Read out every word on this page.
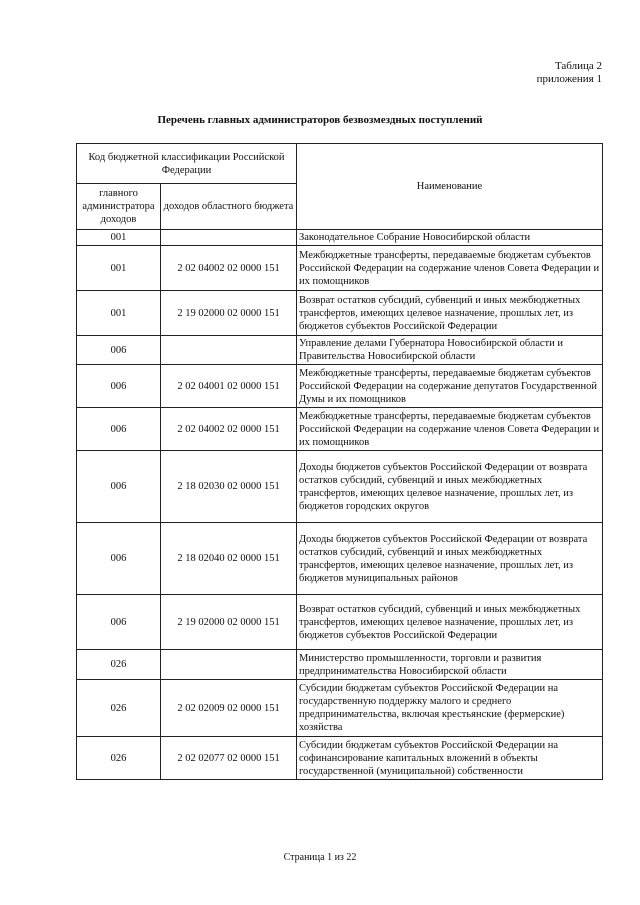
Таблица 2
приложения 1
Перечень главных администраторов безвозмездных поступлений
Код бюджетной классификации Российской Федерации		Наименование
главного администратора доходов	доходов областного бюджета	
001		Законодательное Собрание Новосибирской области
001	2 02 04002 02 0000 151	Межбюджетные трансферты, передаваемые бюджетам субъектов Российской Федерации на содержание членов Совета Федерации и их помощников
001	2 19 02000 02 0000 151	Возврат остатков субсидий, субвенций и иных межбюджетных трансфертов, имеющих целевое назначение, прошлых лет, из бюджетов субъектов Российской Федерации
006		Управление делами Губернатора Новосибирской области и Правительства Новосибирской области
006	2 02 04001 02 0000 151	Межбюджетные трансферты, передаваемые бюджетам субъектов Российской Федерации на содержание депутатов Государственной Думы и их помощников
006	2 02 04002 02 0000 151	Межбюджетные трансферты, передаваемые бюджетам субъектов Российской Федерации на содержание членов Совета Федерации и их помощников
006	2 18 02030 02 0000 151	Доходы бюджетов субъектов Российской Федерации от возврата остатков субсидий, субвенций и иных межбюджетных трансфертов, имеющих целевое назначение, прошлых лет, из бюджетов городских округов
006	2 18 02040 02 0000 151	Доходы бюджетов субъектов Российской Федерации от возврата остатков субсидий, субвенций и иных межбюджетных трансфертов, имеющих целевое назначение, прошлых лет, из бюджетов муниципальных районов
006	2 19 02000 02 0000 151	Возврат остатков субсидий, субвенций и иных межбюджетных трансфертов, имеющих целевое назначение, прошлых лет, из бюджетов субъектов Российской Федерации
026		Министерство промышленности, торговли и развития предпринимательства Новосибирской области
026	2 02 02009 02 0000 151	Субсидии бюджетам субъектов Российской Федерации на государственную поддержку малого и среднего предпринимательства, включая крестьянские (фермерские) хозяйства
026	2 02 02077 02 0000 151	Субсидии бюджетам субъектов Российской Федерации на софинансирование капитальных вложений в объекты государственной (муниципальной) собственности
Страница 1 из 22
